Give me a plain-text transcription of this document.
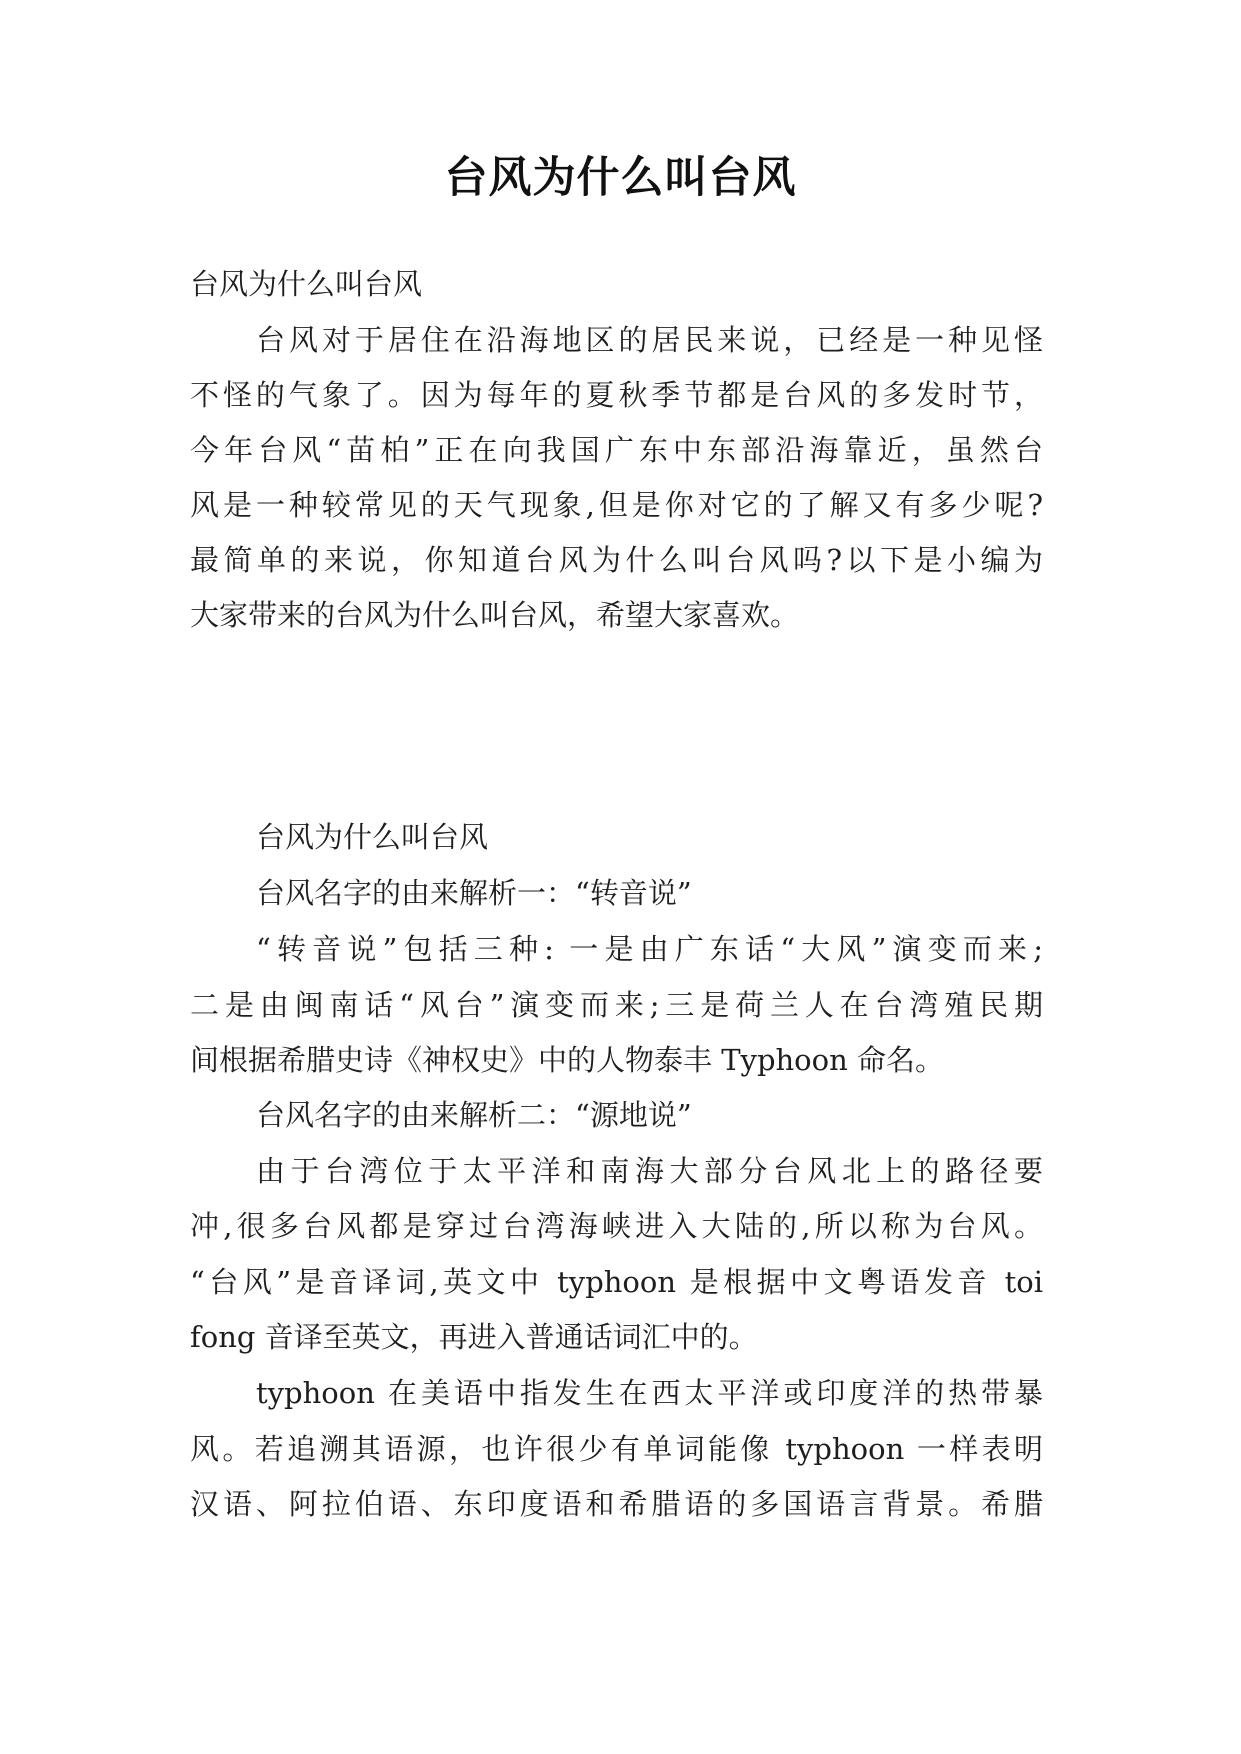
台风为什么叫台风
台风为什么叫台风
台风对于居住在沿海地区的居民来说，已经是一种见怪
不怪的气象了。因为每年的夏秋季节都是台风的多发时节，
今年台风“苗柏”正在向我国广东中东部沿海靠近，虽然台
风是一种较常见的天气现象,但是你对它的了解又有多少呢?
最简单的来说，你知道台风为什么叫台风吗?以下是小编为
大家带来的台风为什么叫台风，希望大家喜欢。
台风为什么叫台风
台风名字的由来解析一：“转音说”
“转音说”包括三种: 一是由广东话“大风”演变而来;
二是由闽南话“风台”演变而来;三是荷兰人在台湾殖民期
间根据希腊史诗《神权史》中的人物泰丰 Typhoon 命名。
台风名字的由来解析二：“源地说”
由于台湾位于太平洋和南海大部分台风北上的路径要
冲,很多台风都是穿过台湾海峡进入大陆的,所以称为台风。
“台风”是音译词,英文中 typhoon 是根据中文粤语发音 toi
fong 音译至英文，再进入普通话词汇中的。
typhoon 在美语中指发生在西太平洋或印度洋的热带暴
风。若追溯其语源，也许很少有单词能像 typhoon 一样表明
汉语、阿拉伯语、东印度语和希腊语的多国语言背景。希腊
